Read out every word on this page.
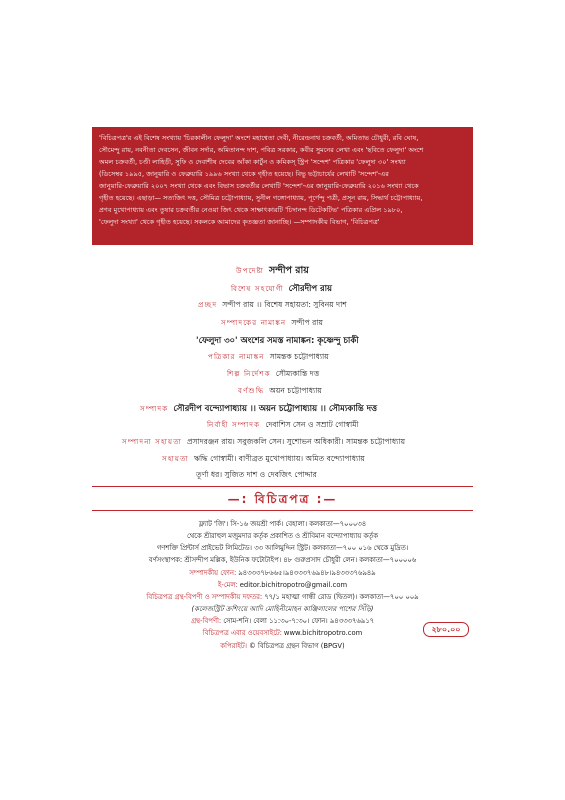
'বিচিত্রপত্র'র এই বিশেষ সংখ্যায় 'চিরকালীন ফেলুদা' অংশে মহাশ্বেতা দেবী, নীরেন্দ্রনাথ চক্রবর্তী, অমিতাভ চৌধুরী, রবি ঘোষ,
সৌমেন্দু রায়, নবনীতা দেবসেন, জীবন সর্দার, অমিতানন্দ দাশ, পবিত্র সরকার, কবীর সুমনের লেখা এবং 'ছবিতে ফেলুদা' অংশে
অমল চক্রবর্তী, চণ্ডী লাহিড়ী, সুফি ও দেবাশীষ দেবের আঁকা কার্টুন ও কমিকস্ স্ট্রিপ 'সন্দেশ' পত্রিকার 'ফেলুদা ৩০' সংখ্যা
(ডিসেম্বর ১৯৯৫, জানুয়ারি ও ফেব্রুয়ারি ১৯৯৬ সংখ্যা থেকে গৃহীত হয়েছে। বিভু ভট্টাচার্যের লেখাটি 'সন্দেশ'-এর
জানুয়ারি-ফেব্রুয়ারি ২০০৭ সংখ্যা থেকে এবং বিভাস চক্রবর্তীর লেখাটি 'সন্দেশ'-এর জানুয়ারি-ফেব্রুয়ারি ২০১৬ সংখ্যা থেকে
গৃহীত হয়েছে। এছাড়া— সত্যজিৎ দত্ত, সৌমিত্র চট্টোপাধ্যায়, সুনীল গঙ্গোপাধ্যায়, পূর্ণেন্দু পত্রী, প্রসূন রায়, সিদ্ধার্থ চট্টোপাধ্যায়,
প্রণব মুখোপাধ্যায় এবং তুষার চক্রবর্তীর নেওয়া জিৎ থেকে সাক্ষাৎকারটি 'চিদানন্দ ডিটেকটিভ' পত্রিকার এপ্রিল ১৯৮০,
'ফেলুদা সংখ্যা' থেকে গৃহীত হয়েছে। সকলকে আমাদের কৃতজ্ঞতা জানাচ্ছি। —সম্পাদকীয় বিভাগ, 'বিচিত্রপত্র'
উপদেষ্টা সন্দীপ রায়
বিশেষ সহযোগী সৌরদীপ রায়
প্রচ্ছদ সন্দীপ রায় ।। বিশেষ সহায়তা: সুবিনয় দাশ
সম্পাদকের নামাঙ্কন সন্দীপ রায়
'ফেলুদা ৩০' অংশের সমস্ত নামাঙ্কন: কৃষ্ণেন্দু চাকী
পত্রিকার নামাঙ্কন সামন্তক চট্টোপাধ্যায়
শিল্প নির্দেশক সৌম্যকান্তি দত্ত
বর্ণশুদ্ধি অয়ন চট্টোপাধ্যায়
সম্পাদক সৌরদীপ বন্দ্যোপাধ্যায় ।। অয়ন চট্টোপাধ্যায় ।। সৌম্যকান্তি দত্ত
নির্বাহী সম্পাদক দেবাশিস সেন ও সম্রাট গোস্বামী
সম্পাদনা সহায়তা প্রসাদরঞ্জন রায়। সবুজকলি সেন। সুশোভন অধিকারী। সামন্তক চট্টোপাধ্যায়
সহায়তা ঋদ্ধি গোস্বামী। বাণীব্রত মুখোপাধ্যায়। অমিত বন্দ্যোপাধ্যায়
তূর্ণা ধর। সুজিত দাশ ও দেবজিৎ পোদ্দার
—: বিচিত্রপত্র :—
ফ্ল্যাট 'জি'। সি-১৬ জয়শ্রী পার্ক। বেহালা। কলকাতা—৭০০০৩৪
থেকে শ্রীরাহুল মজুমদার কর্তৃক প্রকাশিত ও শ্রীবিমান বন্দ্যোপাধ্যায় কর্তৃক
গণশক্তি প্রিন্টার্স প্রাইভেট লিমিটেড। ৩৩ আলিমুদ্দিন স্ট্রিট। কলকাতা—৭০০ ০১৬ থেকে মুদ্রিত।
বর্ণসংস্থাপক: শ্রীসন্দীপ মল্লিক, ইউনিক ফটোটাইপ। ৪৮ গুরুপ্রসাদ চৌধুরী লেন। কলকাতা—৭০০০০৬
সম্পাদকীয় ফোন: ৯৪৩৩৩৭৮৬৬৫।৯৪৩৩৩৭৬৯৪৮।৯৪৩৩৩৭৬৯৪৯
ই-মেল: editor.bichitropotro@gmail.com
বিচিত্রপত্র গ্রন্থ-বিপণী ও সম্পাদকীয় দফতর: ৭৭/১ মহাত্মা গান্ধী রোড (দ্বিতল)। কলকাতা—৭০০ ০০৯
(কলেজস্ট্রিট ক্রশিংয়ে আদি মোহিনীমোহন কাঞ্জিলালের পাশের সিঁড়ি)
গ্রন্থ-বিপণী: সোম-শনি। বেলা ১১:৩০-৭:৩০। ফোন। ৯৪৩৩৩৭৬৯১৭
বিচিত্রপত্র এবার ওয়েবসাইটে: www.bichitropotro.com
কপিরাইট। © বিচিত্রপত্র গ্রন্থন বিভাগ (BPGV)
২৮০.০০
